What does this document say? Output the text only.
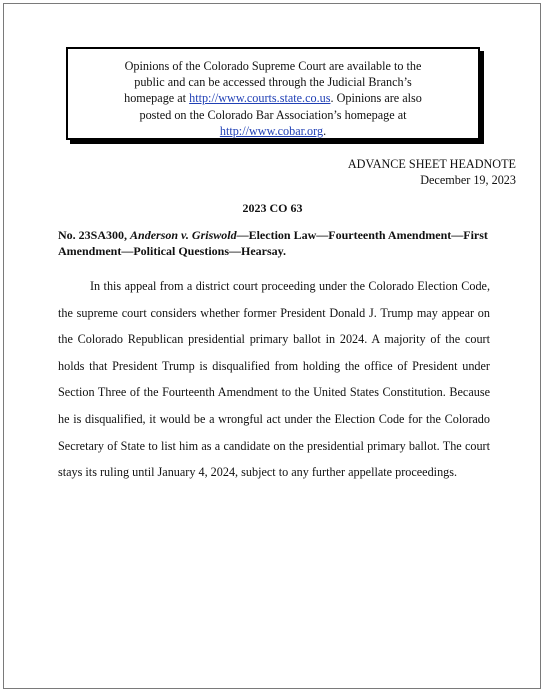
Opinions of the Colorado Supreme Court are available to the
public and can be accessed through the Judicial Branch’s
homepage at http://www.courts.state.co.us. Opinions are also
posted on the Colorado Bar Association’s homepage at
http://www.cobar.org.
ADVANCE SHEET HEADNOTE
December 19, 2023
2023 CO 63
No. 23SA300, Anderson v. Griswold—Election Law—Fourteenth Amendment—First Amendment—Political Questions—Hearsay.

In this appeal from a district court proceeding under the Colorado Election Code, the supreme court considers whether former President Donald J. Trump may appear on the Colorado Republican presidential primary ballot in 2024. A majority of the court holds that President Trump is disqualified from holding the office of President under Section Three of the Fourteenth Amendment to the United States Constitution. Because he is disqualified, it would be a wrongful act under the Election Code for the Colorado Secretary of State to list him as a candidate on the presidential primary ballot. The court stays its ruling until January 4, 2024, subject to any further appellate proceedings.
